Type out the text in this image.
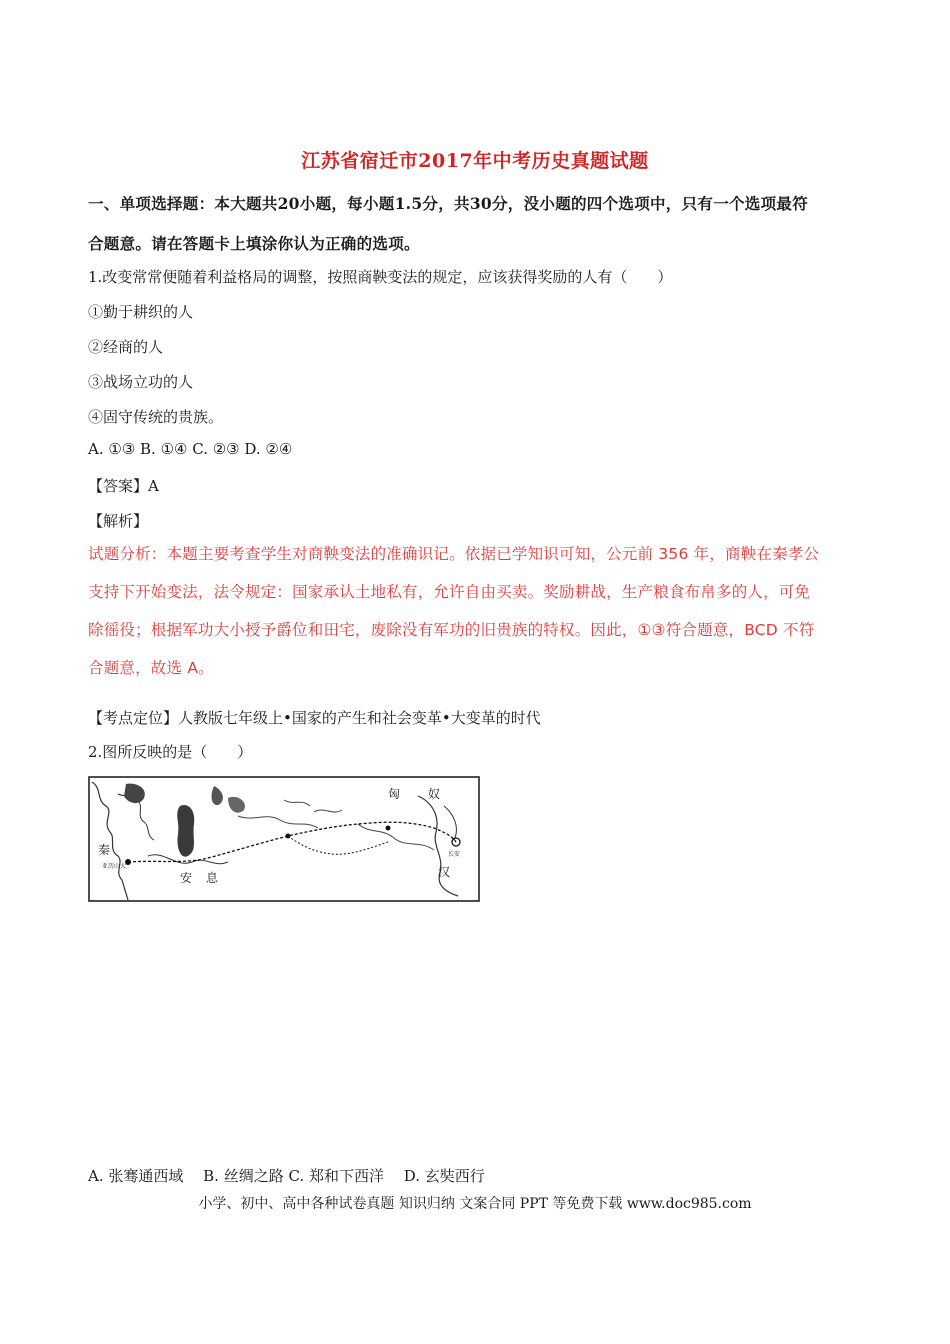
江苏省宿迁市2017年中考历史真题试题
一、单项选择题：本大题共20小题，每小题1.5分，共30分，没小题的四个选项中，只有一个选项最符
合题意。请在答题卡上填涂你认为正确的选项。
1.改变常常便随着利益格局的调整，按照商鞅变法的规定，应该获得奖励的人有（　　）
①勤于耕织的人
②经商的人
③战场立功的人
④固守传统的贵族。
A. ①③ B. ①④ C. ②③ D. ②④
【答案】A
【解析】
试题分析：本题主要考查学生对商鞅变法的准确识记。依据已学知识可知，公元前 356 年，商鞅在秦孝公
支持下开始变法，法令规定：国家承认土地私有，允许自由买卖。奖励耕战，生产粮食布帛多的人，可免
除徭役；根据军功大小授予爵位和田宅，废除没有军功的旧贵族的特权。因此，①③符合题意，BCD 不符
合题意，故选 A。
【考点定位】人教版七年级上•国家的产生和社会变革•大变革的时代
2.图所反映的是（　　）
匈 奴
安 息	汉
秦	长安
亚历山大
A. 张骞通西域　 B. 丝绸之路 C. 郑和下西洋　 D. 玄奘西行
小学、初中、高中各种试卷真题 知识归纳 文案合同 PPT 等免费下载 www.doc985.com
